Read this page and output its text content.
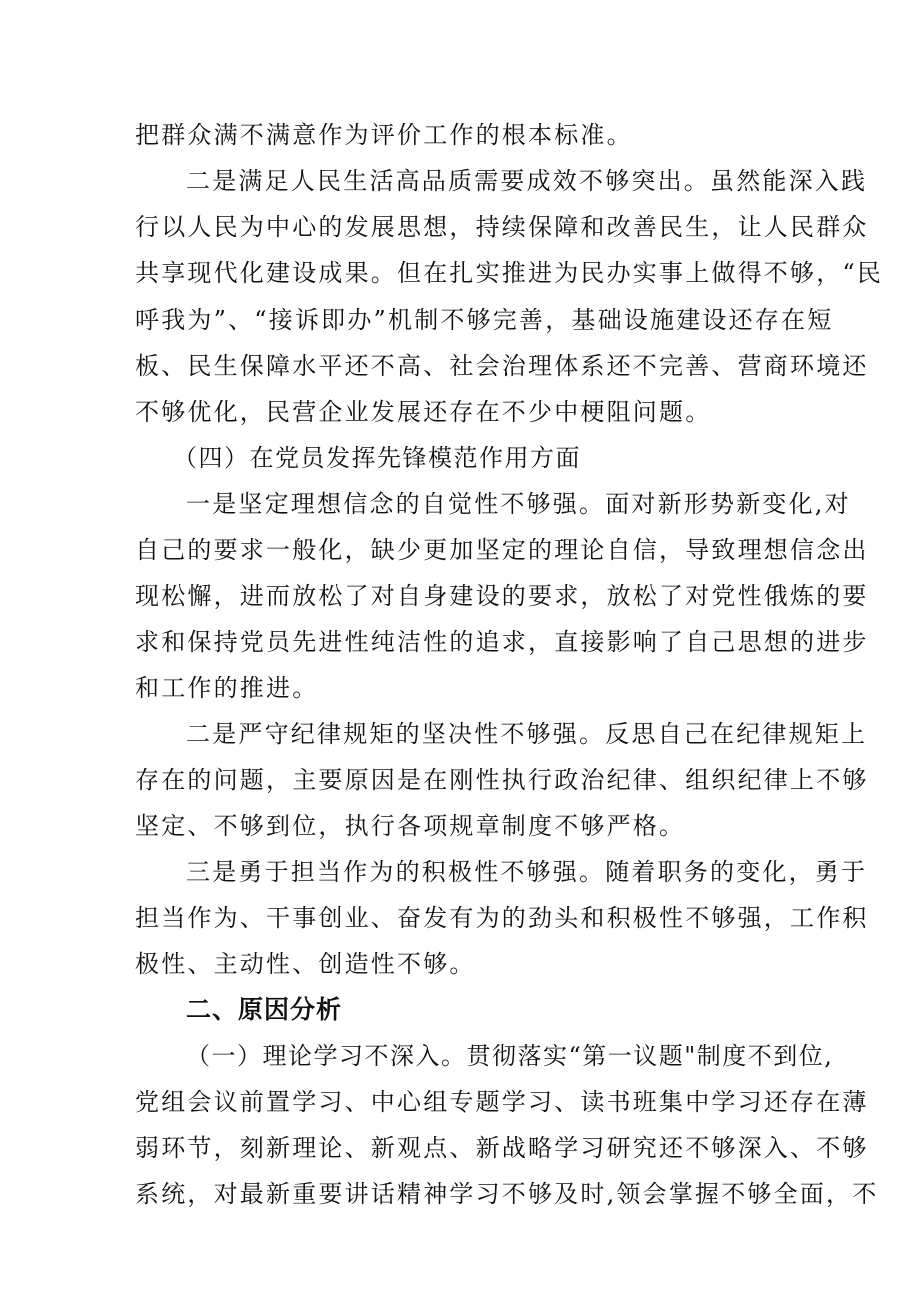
把群众满不满意作为评价工作的根本标准。
二是满足人民生活高品质需要成效不够突出。虽然能深入践
行以人民为中心的发展思想，持续保障和改善民生，让人民群众
共享现代化建设成果。但在扎实推进为民办实事上做得不够，“民
呼我为”、“接诉即办”机制不够完善，基础设施建设还存在短
板、民生保障水平还不高、社会治理体系还不完善、营商环境还
不够优化，民营企业发展还存在不少中梗阻问题。
（四）在党员发挥先锋模范作用方面
一是坚定理想信念的自觉性不够强。面对新形势新变化,对
自己的要求一般化，缺少更加坚定的理论自信，导致理想信念出
现松懈，进而放松了对自身建设的要求，放松了对党性俄炼的要
求和保持党员先进性纯洁性的追求，直接影响了自己思想的进步
和工作的推进。
二是严守纪律规矩的坚决性不够强。反思自己在纪律规矩上
存在的问题，主要原因是在刚性执行政治纪律、组织纪律上不够
坚定、不够到位，执行各项规章制度不够严格。
三是勇于担当作为的积极性不够强。随着职务的变化，勇于
担当作为、干事创业、奋发有为的劲头和积极性不够强，工作积
极性、主动性、创造性不够。
二、原因分析
（一）理论学习不深入。贯彻落实“第一议题"制度不到位,
党组会议前置学习、中心组专题学习、读书班集中学习还存在薄
弱环节，刻新理论、新观点、新战略学习研究还不够深入、不够
系统，对最新重要讲话精神学习不够及时,领会掌握不够全面，不
